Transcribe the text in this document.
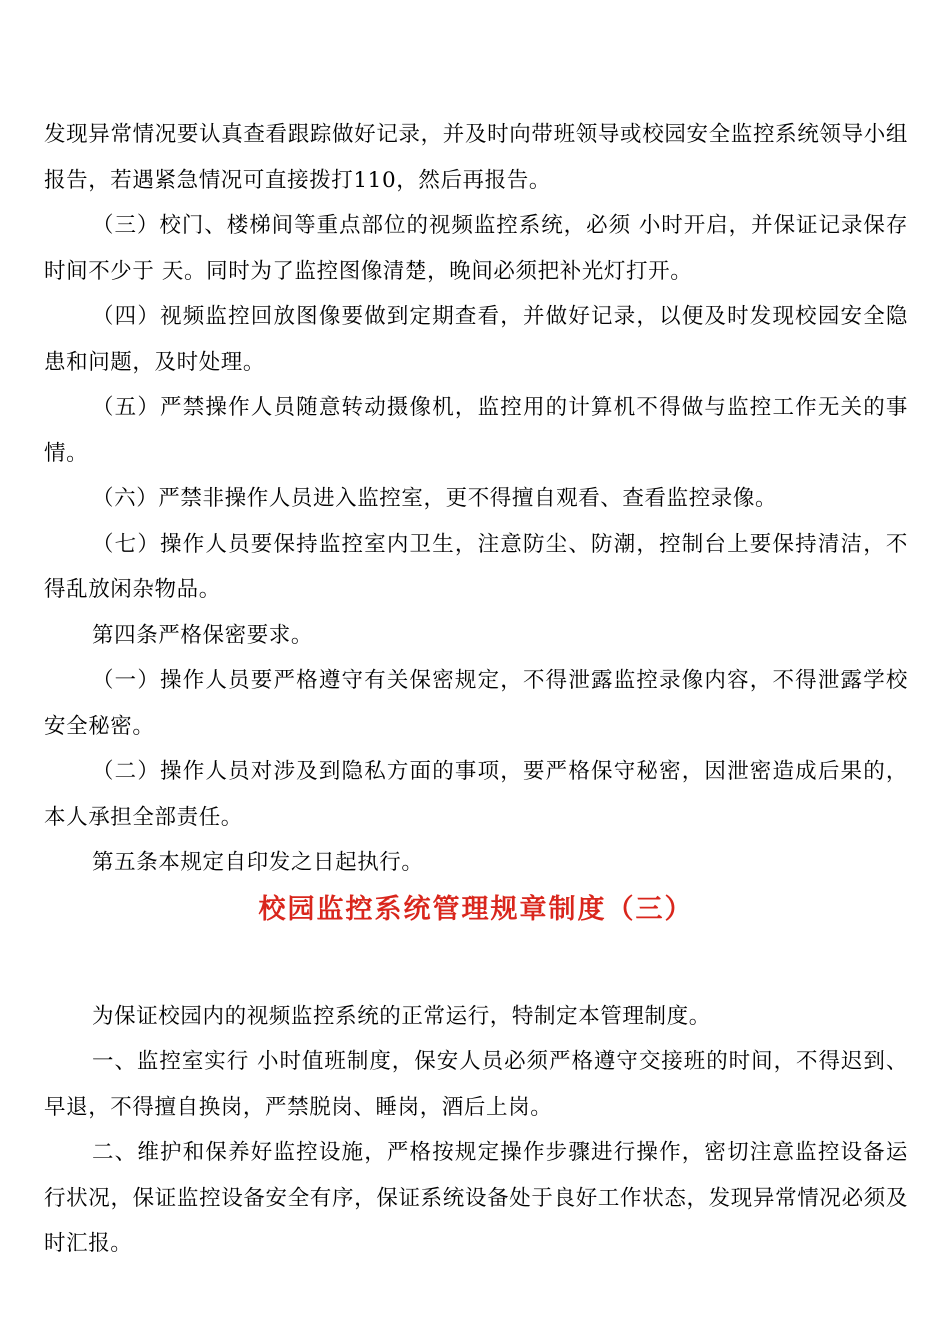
发现异常情况要认真查看跟踪做好记录，并及时向带班领导或校园安全监控系统领导小组报告，若遇紧急情况可直接拨打110，然后再报告。

（三）校门、楼梯间等重点部位的视频监控系统，必须 小时开启，并保证记录保存时间不少于 天。同时为了监控图像清楚，晚间必须把补光灯打开。

（四）视频监控回放图像要做到定期查看，并做好记录，以便及时发现校园安全隐患和问题，及时处理。

（五）严禁操作人员随意转动摄像机，监控用的计算机不得做与监控工作无关的事情。

（六）严禁非操作人员进入监控室，更不得擅自观看、查看监控录像。

（七）操作人员要保持监控室内卫生，注意防尘、防潮，控制台上要保持清洁，不得乱放闲杂物品。

第四条严格保密要求。

（一）操作人员要严格遵守有关保密规定，不得泄露监控录像内容，不得泄露学校安全秘密。

（二）操作人员对涉及到隐私方面的事项，要严格保守秘密，因泄密造成后果的，本人承担全部责任。

第五条本规定自印发之日起执行。

校园监控系统管理规章制度（三）

为保证校园内的视频监控系统的正常运行，特制定本管理制度。

一、监控室实行 小时值班制度，保安人员必须严格遵守交接班的时间，不得迟到、早退，不得擅自换岗，严禁脱岗、睡岗，酒后上岗。

二、维护和保养好监控设施，严格按规定操作步骤进行操作，密切注意监控设备运行状况，保证监控设备安全有序，保证系统设备处于良好工作状态，发现异常情况必须及时汇报。
